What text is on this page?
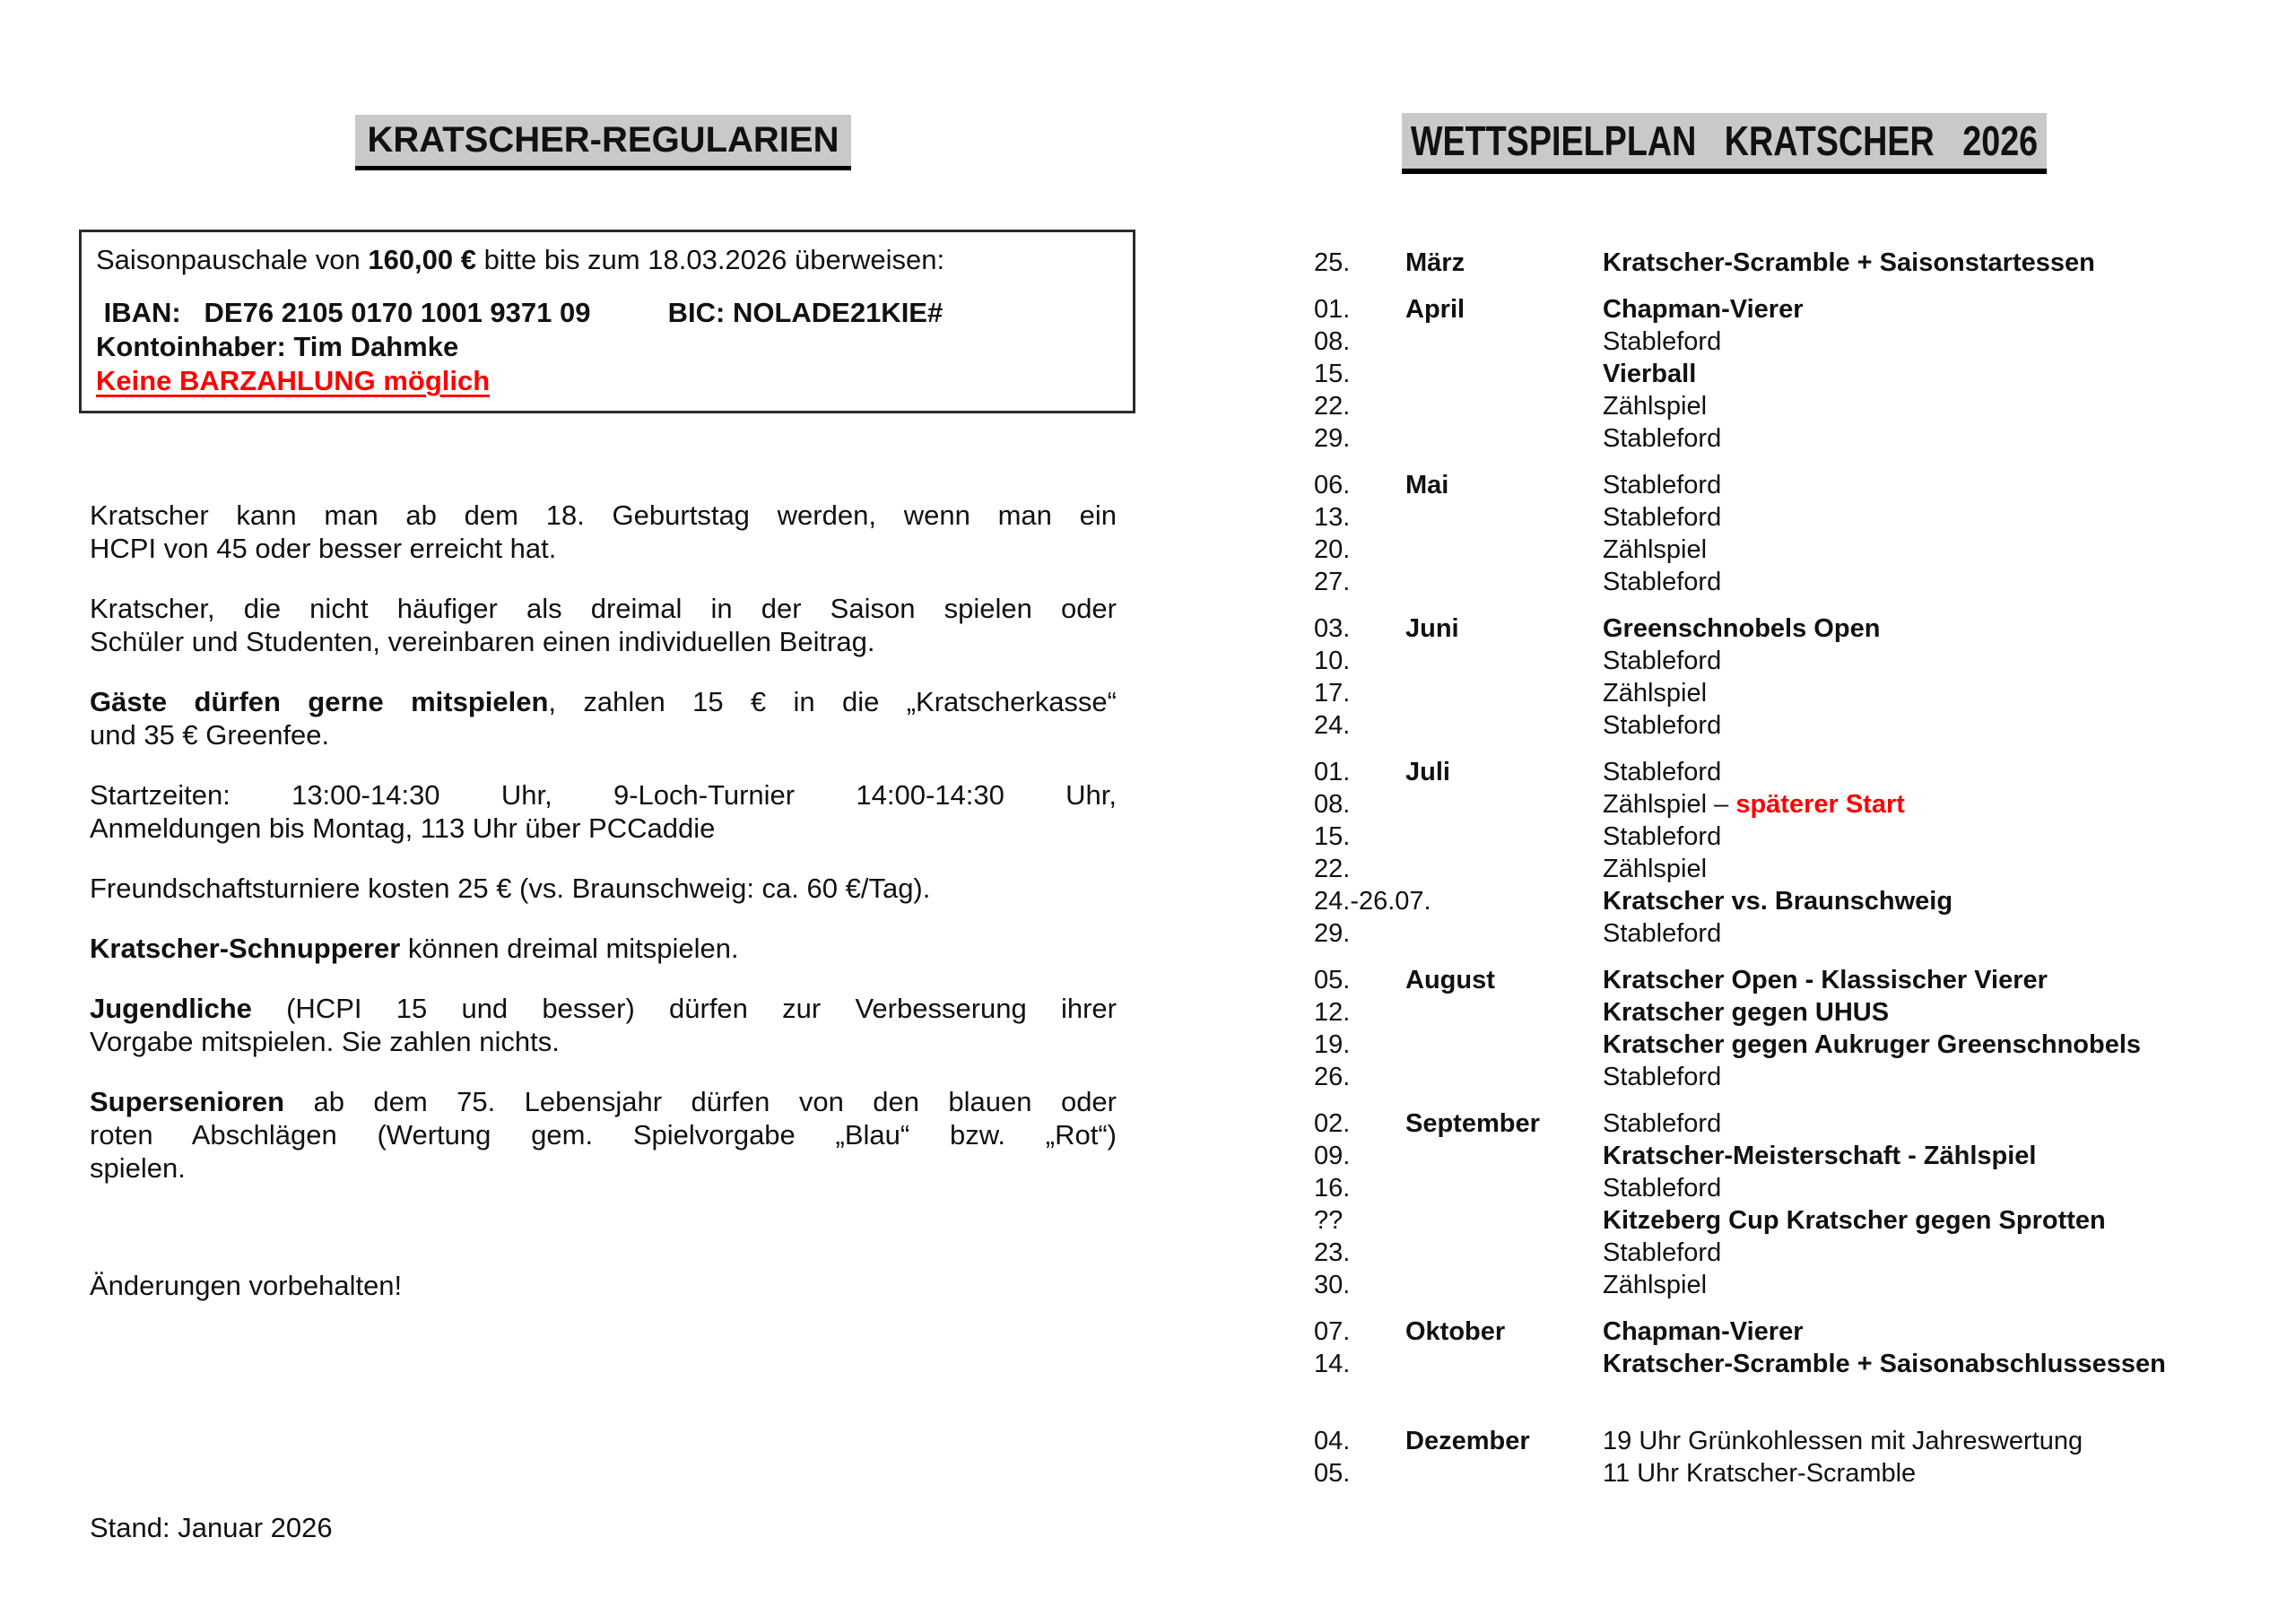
KRATSCHER-REGULARIEN

Saisonpauschale von 160,00 € bitte bis zum 18.03.2026 überweisen:

IBAN:   DE76 2105 0170 1001 9371 09          BIC: NOLADE21KIE#

Kontoinhaber: Tim Dahmke

Keine BARZAHLUNG möglich

Kratscher kann man ab dem 18. Geburtstag werden, wenn man ein
HCPI von 45 oder besser erreicht hat.
Kratscher, die nicht häufiger als dreimal in der Saison spielen oder
Schüler und Studenten, vereinbaren einen individuellen Beitrag.
Gäste dürfen gerne mitspielen, zahlen 15 € in die „Kratscherkasse“
und 35 € Greenfee.
Startzeiten: 13:00-14:30 Uhr, 9-Loch-Turnier 14:00-14:30 Uhr,
Anmeldungen bis Montag, 113 Uhr über PCCaddie
Freundschaftsturniere kosten 25 € (vs. Braunschweig: ca. 60 €/Tag).
Kratscher-Schnupperer können dreimal mitspielen.
Jugendliche (HCPI 15 und besser) dürfen zur Verbesserung ihrer
Vorgabe mitspielen. Sie zahlen nichts.
Supersenioren ab dem 75. Lebensjahr dürfen von den blauen oder
roten Abschlägen (Wertung gem. Spielvorgabe „Blau“ bzw. „Rot“)
spielen.

Änderungen vorbehalten!

Stand: Januar 2026

WETTSPIELPLAN   KRATSCHER   2026
25.	März	Kratscher-Scramble + Saisonstartessen
01.	April	Chapman-Vierer
08.	Stableford
15.	Vierball
22.	Zählspiel
29.	Stableford
06.	Mai	Stableford
13.	Stableford
20.	Zählspiel
27.	Stableford
03.	Juni	Greenschnobels Open
10.	Stableford
17.	Zählspiel
24.	Stableford
01.	Juli	Stableford
08.	Zählspiel – späterer Start
15.	Stableford
22.	Zählspiel
24.-26.07.	Kratscher vs. Braunschweig
29.	Stableford
05.	August	Kratscher Open - Klassischer Vierer
12.	Kratscher gegen UHUS
19.	Kratscher gegen Aukruger Greenschnobels
26.	Stableford
02.	September	Stableford
09.	Kratscher-Meisterschaft - Zählspiel
16.	Stableford
??	Kitzeberg Cup Kratscher gegen Sprotten
23.	Stableford
30.	Zählspiel
07.	Oktober	Chapman-Vierer
14.	Kratscher-Scramble + Saisonabschlussessen
04.	Dezember	19 Uhr Grünkohlessen mit Jahreswertung
05.	11 Uhr Kratscher-Scramble
